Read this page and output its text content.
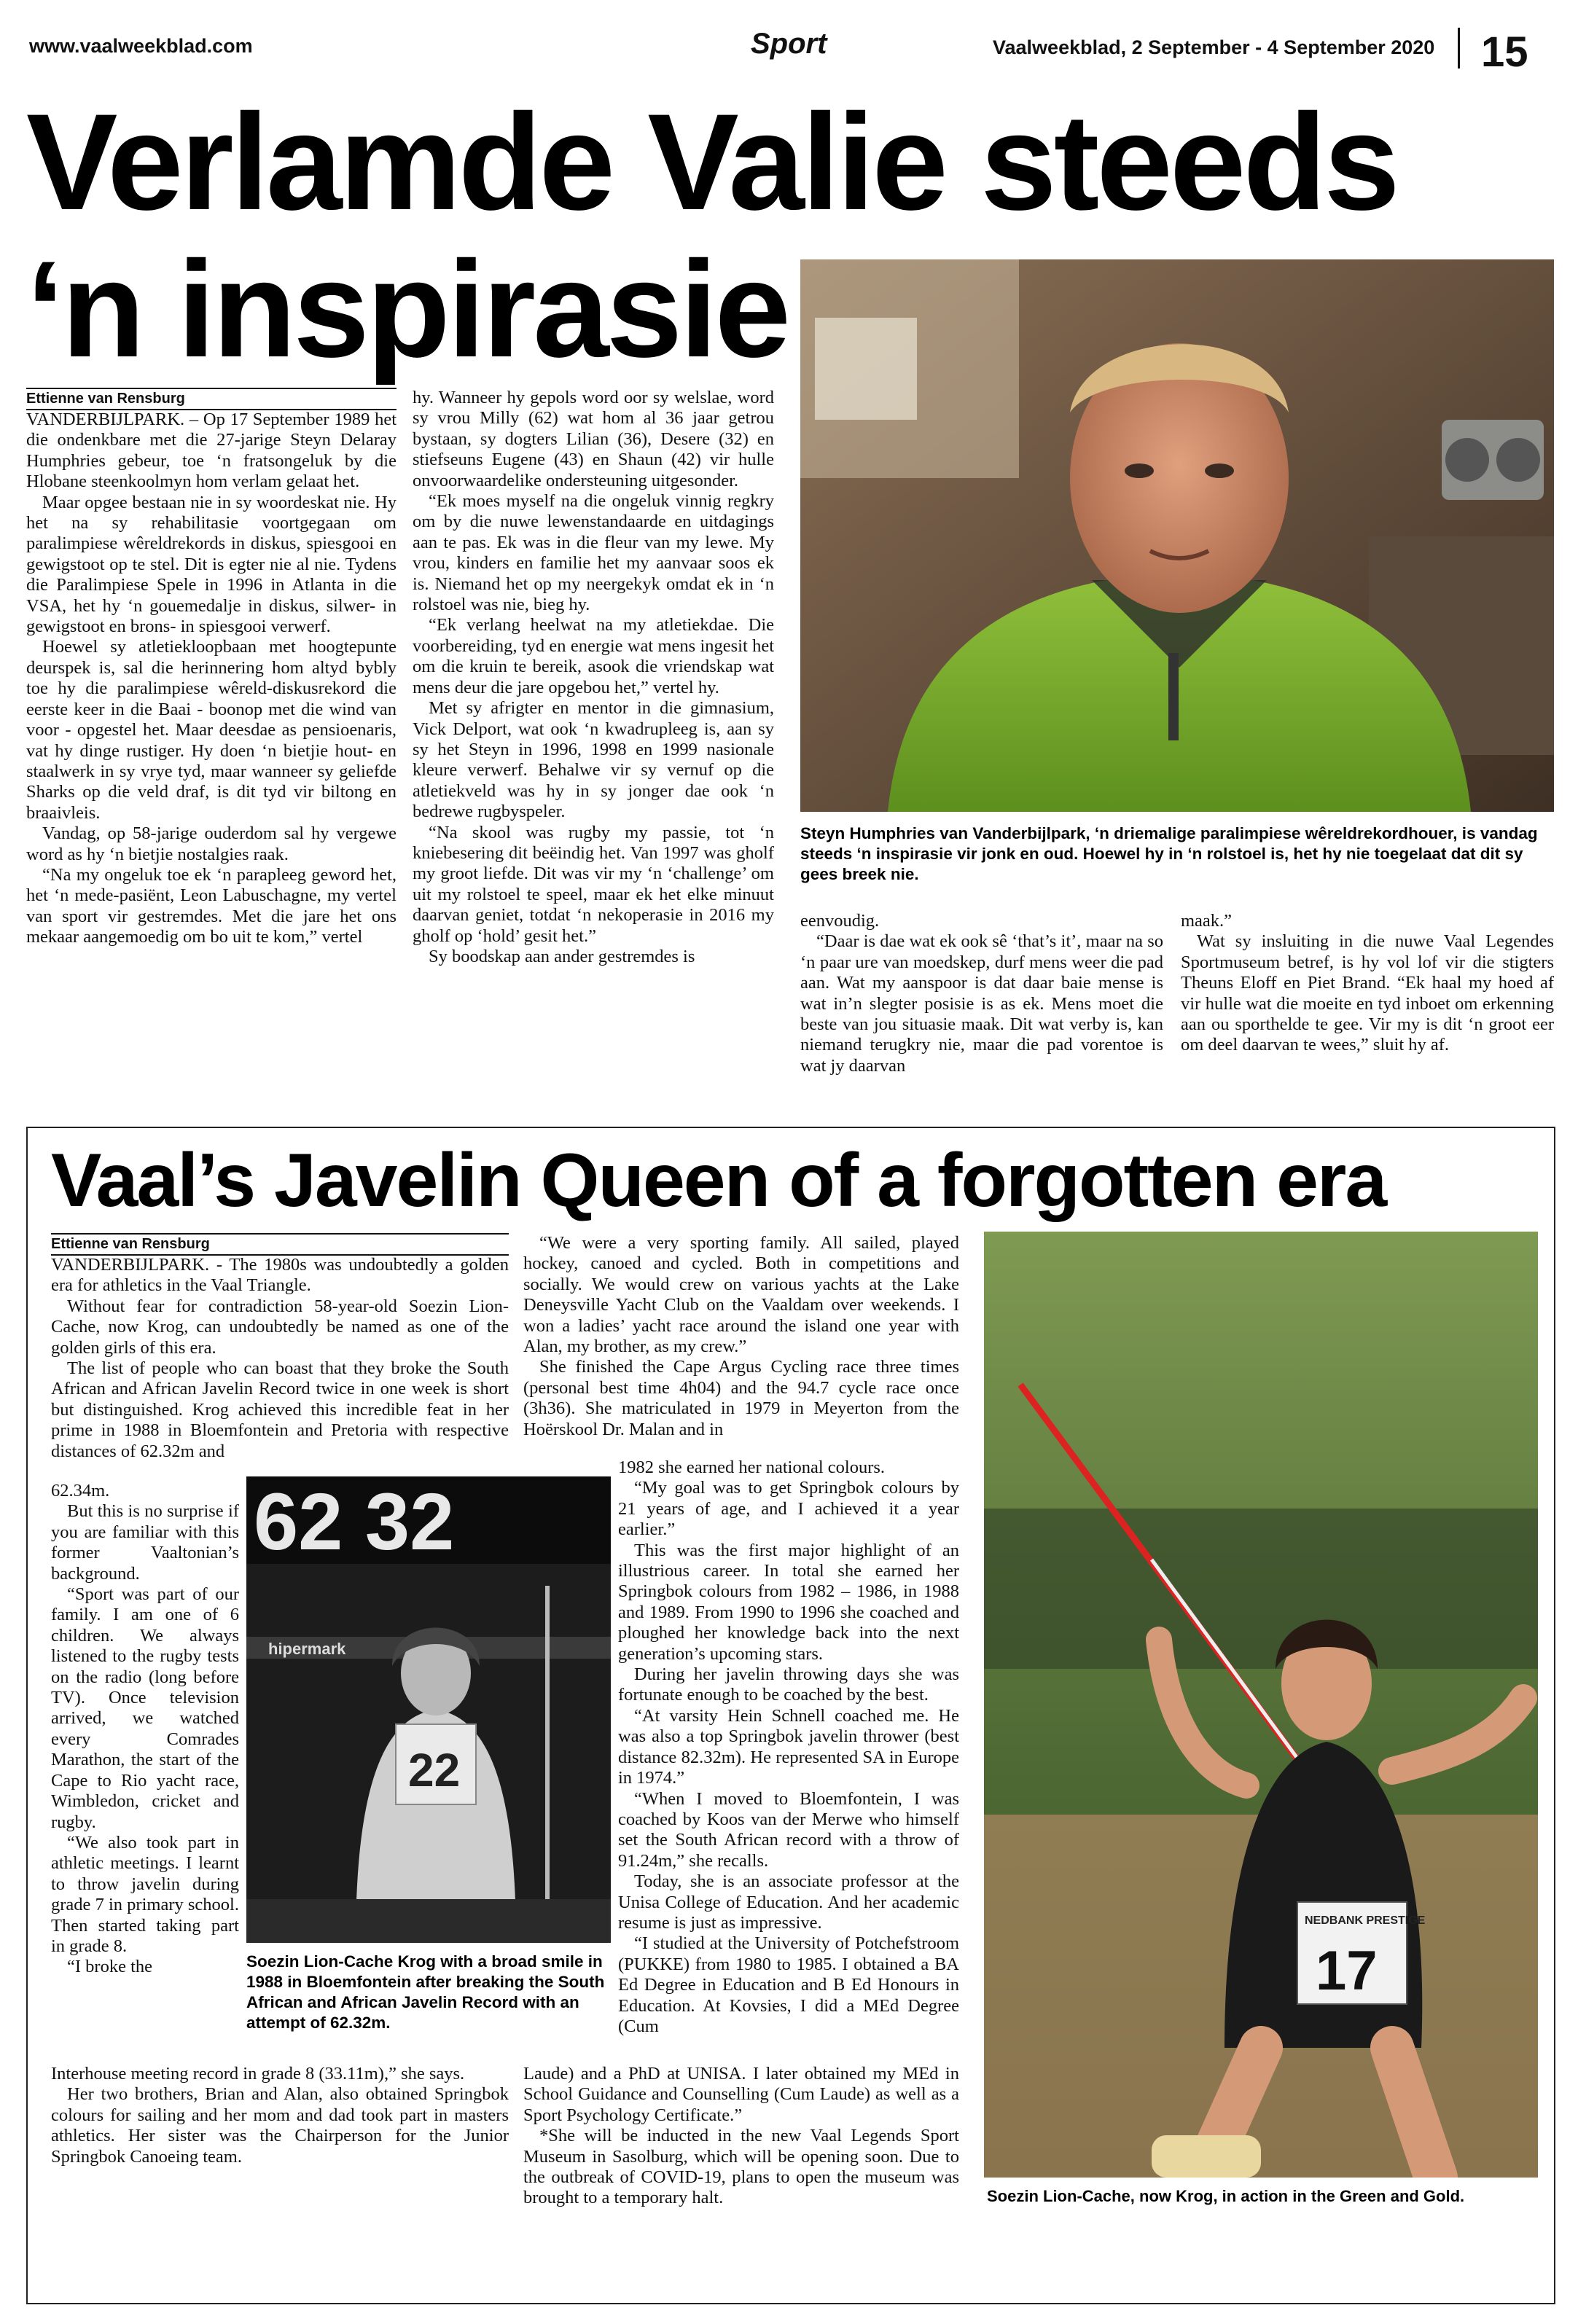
www.vaalweekblad.com	Sport	Vaalweekblad, 2 September - 4 September 2020 15
Verlamde Valie steeds
‘n inspirasie
Ettienne van Rensburg

VANDERBIJLPARK. – Op 17 September 1989 het die ondenkbare met die 27-jarige Steyn Delaray Humphries gebeur, toe ‘n fratsongeluk by die Hlobane steenkoolmyn hom verlam gelaat het.

Maar opgee bestaan nie in sy woordeskat nie. Hy het na sy rehabilitasie voortgegaan om paralimpiese wêreldrekords in diskus, spiesgooi en gewigstoot op te stel. Dit is egter nie al nie. Tydens die Paralimpiese Spele in 1996 in Atlanta in die VSA, het hy ‘n gouemedalje in diskus, silwer- in gewigstoot en brons- in spiesgooi verwerf.

Hoewel sy atletiekloopbaan met hoogtepunte deurspek is, sal die herinnering hom altyd bybly toe hy die paralimpiese wêreld-diskusrekord die eerste keer in die Baai - boonop met die wind van voor - opgestel het. Maar deesdae as pensioenaris, vat hy dinge rustiger. Hy doen ‘n bietjie hout- en staalwerk in sy vrye tyd, maar wanneer sy geliefde Sharks op die veld draf, is dit tyd vir biltong en braaivleis.

Vandag, op 58-jarige ouderdom sal hy vergewe word as hy ‘n bietjie nostalgies raak.

“Na my ongeluk toe ek ‘n parapleeg geword het, het ‘n mede-pasiënt, Leon Labuschagne, my vertel van sport vir gestremdes. Met die jare het ons mekaar aangemoedig om bo uit te kom,” vertel

hy. Wanneer hy gepols word oor sy welslae, word sy vrou Milly (62) wat hom al 36 jaar getrou bystaan, sy dogters Lilian (36), Desere (32) en stiefseuns Eugene (43) en Shaun (42) vir hulle onvoorwaardelike ondersteuning uitgesonder.

“Ek moes myself na die ongeluk vinnig regkry om by die nuwe lewenstandaarde en uitdagings aan te pas. Ek was in die fleur van my lewe. My vrou, kinders en familie het my aanvaar soos ek is. Niemand het op my neergekyk omdat ek in ‘n rolstoel was nie, bieg hy.

“Ek verlang heelwat na my atletiekdae. Die voorbereiding, tyd en energie wat mens ingesit het om die kruin te bereik, asook die vriendskap wat mens deur die jare opgebou het,” vertel hy.

Met sy afrigter en mentor in die gimnasium, Vick Delport, wat ook ‘n kwadrupleeg is, aan sy sy het Steyn in 1996, 1998 en 1999 nasionale kleure verwerf. Behalwe vir sy vernuf op die atletiekveld was hy in sy jonger dae ook ‘n bedrewe rugbyspeler.

“Na skool was rugby my passie, tot ‘n kniebesering dit beëindig het. Van 1997 was gholf my groot liefde. Dit was vir my ‘n ‘challenge’ om uit my rolstoel te speel, maar ek het elke minuut daarvan geniet, totdat ‘n nekoperasie in 2016 my gholf op ‘hold’ gesit het.”

Sy boodskap aan ander gestremdes is

Steyn Humphries van Vanderbijlpark, ‘n driemalige paralimpiese wêreldrekordhouer, is vandag steeds ‘n inspirasie vir jonk en oud. Hoewel hy in ‘n rolstoel is, het hy nie toegelaat dat dit sy gees breek nie.

eenvoudig.

“Daar is dae wat ek ook sê ‘that’s it’, maar na so ‘n paar ure van moedskep, durf mens weer die pad aan. Wat my aanspoor is dat daar baie mense is wat in’n slegter posisie is as ek. Mens moet die beste van jou situasie maak. Dit wat verby is, kan niemand terugkry nie, maar die pad vorentoe is wat jy daarvan

maak.”

Wat sy insluiting in die nuwe Vaal Legendes Sportmuseum betref, is hy vol lof vir die stigters Theuns Eloff en Piet Brand. “Ek haal my hoed af vir hulle wat die moeite en tyd inboet om erkenning aan ou sporthelde te gee. Vir my is dit ‘n groot eer om deel daarvan te wees,” sluit hy af.

Vaal’s Javelin Queen of a forgotten era
Ettienne van Rensburg

VANDERBIJLPARK. - The 1980s was undoubtedly a golden era for athletics in the Vaal Triangle.

Without fear for contradiction 58-year-old Soezin Lion-Cache, now Krog, can undoubtedly be named as one of the golden girls of this era.

The list of people who can boast that they broke the South African and African Javelin Record twice in one week is short but distinguished. Krog achieved this incredible feat in her prime in 1988 in Bloemfontein and Pretoria with respective distances of 62.32m and

62.34m.

But this is no surprise if you are familiar with this former Vaaltonian’s background.

“Sport was part of our family. I am one of 6 children. We always listened to the rugby tests on the radio (long before TV). Once television arrived, we watched every Comrades Marathon, the start of the Cape to Rio yacht race, Wimbledon, cricket and rugby.

“We also took part in athletic meetings. I learnt to throw javelin during grade 7 in primary school. Then started taking part in grade 8.

“I broke the

62 32
hipermark
22
Soezin Lion-Cache Krog with a broad smile in 1988 in Bloemfontein after breaking the South African and African Javelin Record with an attempt of 62.32m.

Interhouse meeting record in grade 8 (33.11m),” she says.

Her two brothers, Brian and Alan, also obtained Springbok colours for sailing and her mom and dad took part in masters athletics. Her sister was the Chairperson for the Junior Springbok Canoeing team.

“We were a very sporting family. All sailed, played hockey, canoed and cycled. Both in competitions and socially. We would crew on various yachts at the Lake Deneysville Yacht Club on the Vaaldam over weekends. I won a ladies’ yacht race around the island one year with Alan, my brother, as my crew.”

She finished the Cape Argus Cycling race three times (personal best time 4h04) and the 94.7 cycle race once (3h36). She matriculated in 1979 in Meyerton from the Hoërskool Dr. Malan and in

1982 she earned her national colours.

“My goal was to get Springbok colours by 21 years of age, and I achieved it a year earlier.”

This was the first major highlight of an illustrious career. In total she earned her Springbok colours from 1982 – 1986, in 1988 and 1989. From 1990 to 1996 she coached and ploughed her knowledge back into the next generation’s upcoming stars.

During her javelin throwing days she was fortunate enough to be coached by the best.

“At varsity Hein Schnell coached me. He was also a top Springbok javelin thrower (best distance 82.32m). He represented SA in Europe in 1974.”

“When I moved to Bloemfontein, I was coached by Koos van der Merwe who himself set the South African record with a throw of 91.24m,” she recalls.

Today, she is an associate professor at the Unisa College of Education. And her academic resume is just as impressive.

“I studied at the University of Potchefstroom (PUKKE) from 1980 to 1985. I obtained a BA Ed Degree in Education and B Ed Honours in Education. At Kovsies, I did a MEd Degree (Cum

Laude) and a PhD at UNISA. I later obtained my MEd in School Guidance and Counselling (Cum Laude) as well as a Sport Psychology Certificate.”

*She will be inducted in the new Vaal Legends Sport Museum in Sasolburg, which will be opening soon. Due to the outbreak of COVID-19, plans to open the museum was brought to a temporary halt.

NEDBANK PRESTIGE
17
Soezin Lion-Cache, now Krog, in action in the Green and Gold.
